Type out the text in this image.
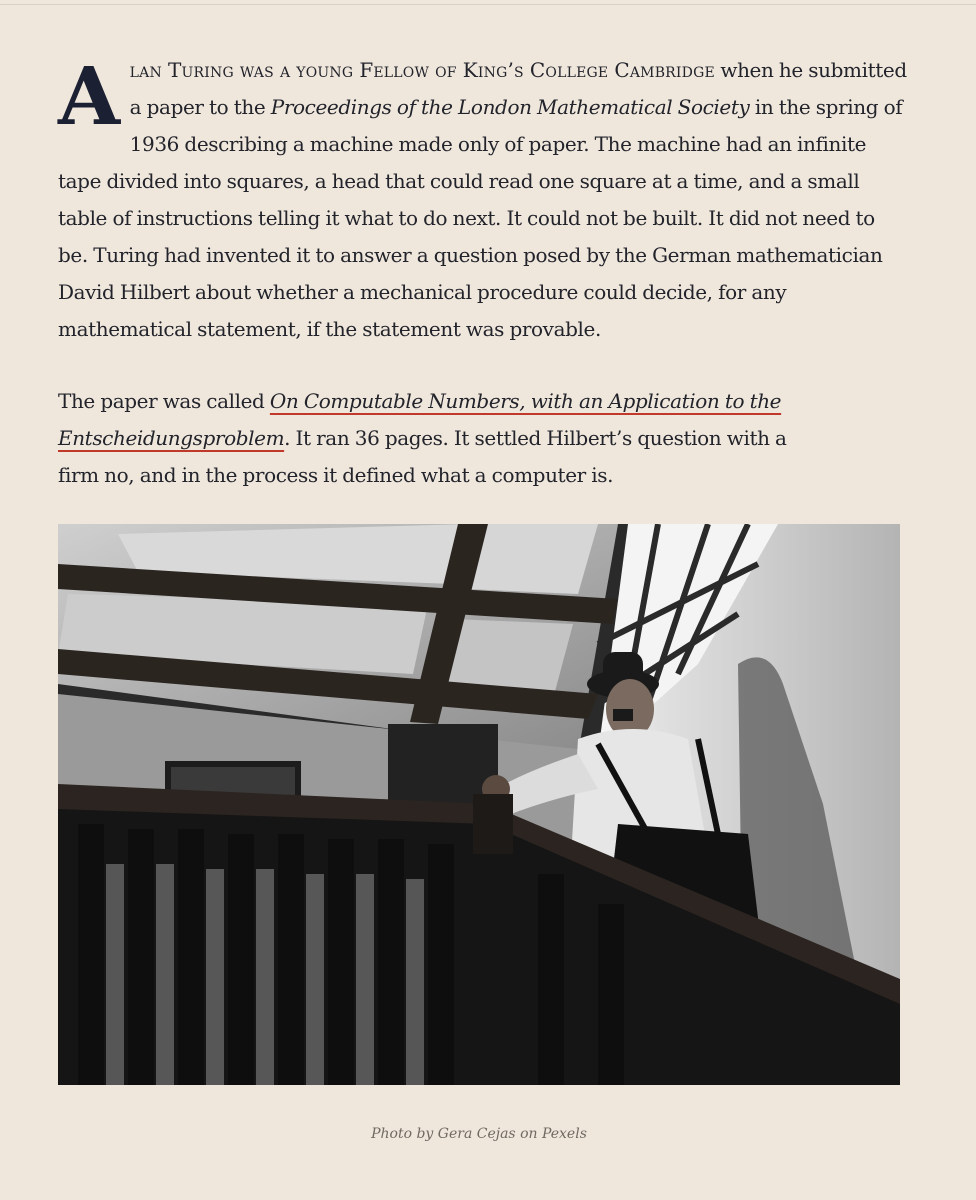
Alan Turing was a young Fellow of King’s College Cambridge when he submitted a paper to the Proceedings of the London Mathematical Society in the spring of 1936 describing a machine made only of paper. The machine had an infinite tape divided into squares, a head that could read one square at a time, and a small table of instructions telling it what to do next. It could not be built. It did not need to be. Turing had invented it to answer a question posed by the German mathematician David Hilbert about whether a mechanical procedure could decide, for any mathematical statement, if the statement was provable.

The paper was called On Computable Numbers, with an Application to the Entscheidungsproblem. It ran 36 pages. It settled Hilbert’s question with a firm no, and in the process it defined what a computer is.

Photo by Gera Cejas on Pexels
